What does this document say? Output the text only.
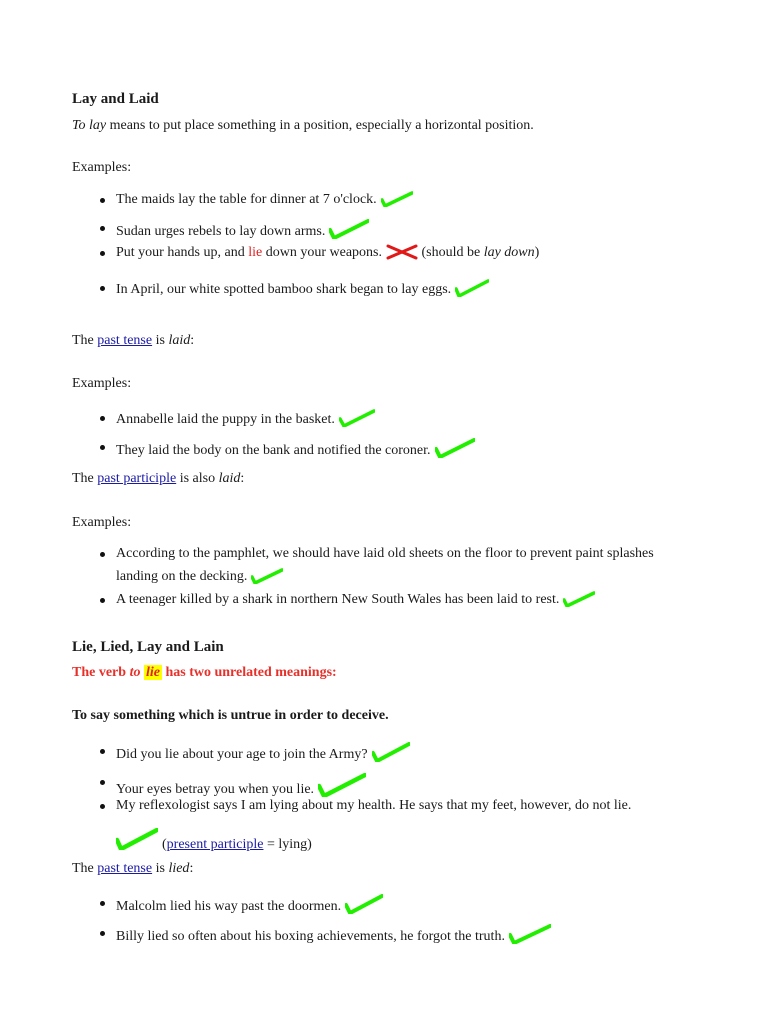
Lay and Laid
To lay means to put place something in a position, especially a horizontal position.
Examples:
The maids lay the table for dinner at 7 o'clock.
Sudan urges rebels to lay down arms.
Put your hands up, and lie down your weapons.	(should be lay down)
In April, our white spotted bamboo shark began to lay eggs.
The past tense is laid:
Examples:
Annabelle laid the puppy in the basket.
They laid the body on the bank and notified the coroner.
The past participle is also laid:
Examples:
According to the pamphlet, we should have laid old sheets on the floor to prevent paint splashes
landing on the decking.
A teenager killed by a shark in northern New South Wales has been laid to rest.
Lie, Lied, Lay and Lain
The verb to lie has two unrelated meanings:
To say something which is untrue in order to deceive.
Did you lie about your age to join the Army?
Your eyes betray you when you lie.
My reflexologist says I am lying about my health. He says that my feet, however, do not lie.
(present participle = lying)
The past tense is lied:
Malcolm lied his way past the doormen.
Billy lied so often about his boxing achievements, he forgot the truth.
